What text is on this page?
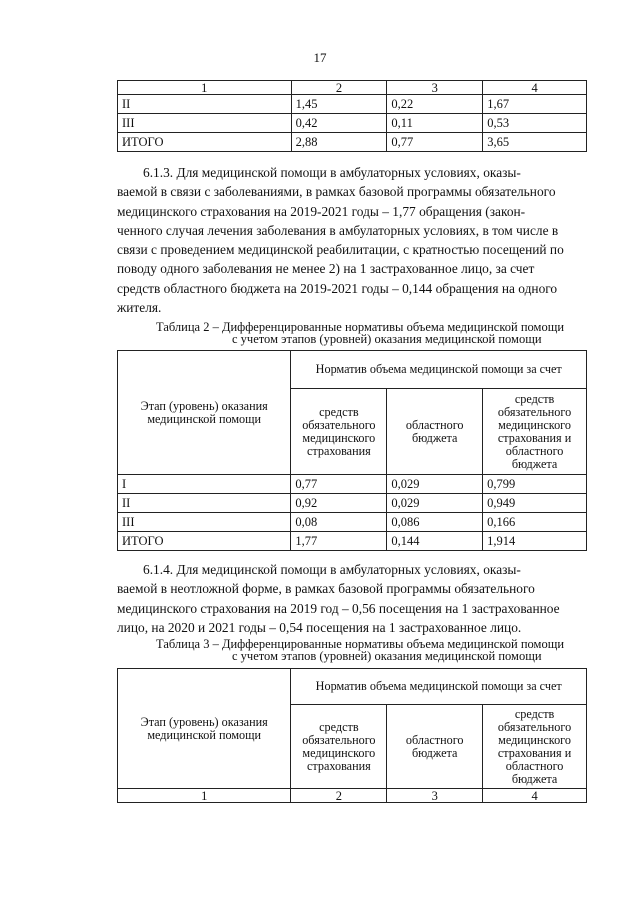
17
1	2	3	4
II	1,45	0,22	1,67
III	0,42	0,11	0,53
ИТОГО	2,88	0,77	3,65
6.1.3. Для медицинской помощи в амбулаторных условиях, оказы-
ваемой в связи с заболеваниями, в рамках базовой программы обязательного
медицинского страхования на 2019-2021 годы – 1,77 обращения (закон-
ченного случая лечения заболевания в амбулаторных условиях, в том числе в
связи с проведением медицинской реабилитации, с кратностью посещений по
поводу одного заболевания не менее 2) на 1 застрахованное лицо, за счет
средств областного бюджета на 2019-2021 годы – 0,144 обращения на одного
жителя.
Таблица 2 – Дифференцированные нормативы объема медицинской помощи
с учетом этапов (уровней) оказания медицинской помощи
Этап (уровень) оказания медицинской помощи	Норматив объема медицинской помощи за счет		
	средств обязательного медицинского страхования	областного бюджета	средств обязательного медицинского страхования и областного бюджета
I	0,77	0,029	0,799
II	0,92	0,029	0,949
III	0,08	0,086	0,166
ИТОГО	1,77	0,144	1,914
6.1.4. Для медицинской помощи в амбулаторных условиях, оказы-
ваемой в неотложной форме, в рамках базовой программы обязательного
медицинского страхования на 2019 год – 0,56 посещения на 1 застрахованное
лицо, на 2020 и 2021 годы – 0,54 посещения на 1 застрахованное лицо.
Таблица 3 – Дифференцированные нормативы объема медицинской помощи
с учетом этапов (уровней) оказания медицинской помощи
Этап (уровень) оказания медицинской помощи	Норматив объема медицинской помощи за счет		
	средств обязательного медицинского страхования	областного бюджета	средств обязательного медицинского страхования и областного бюджета
1	2	3	4
